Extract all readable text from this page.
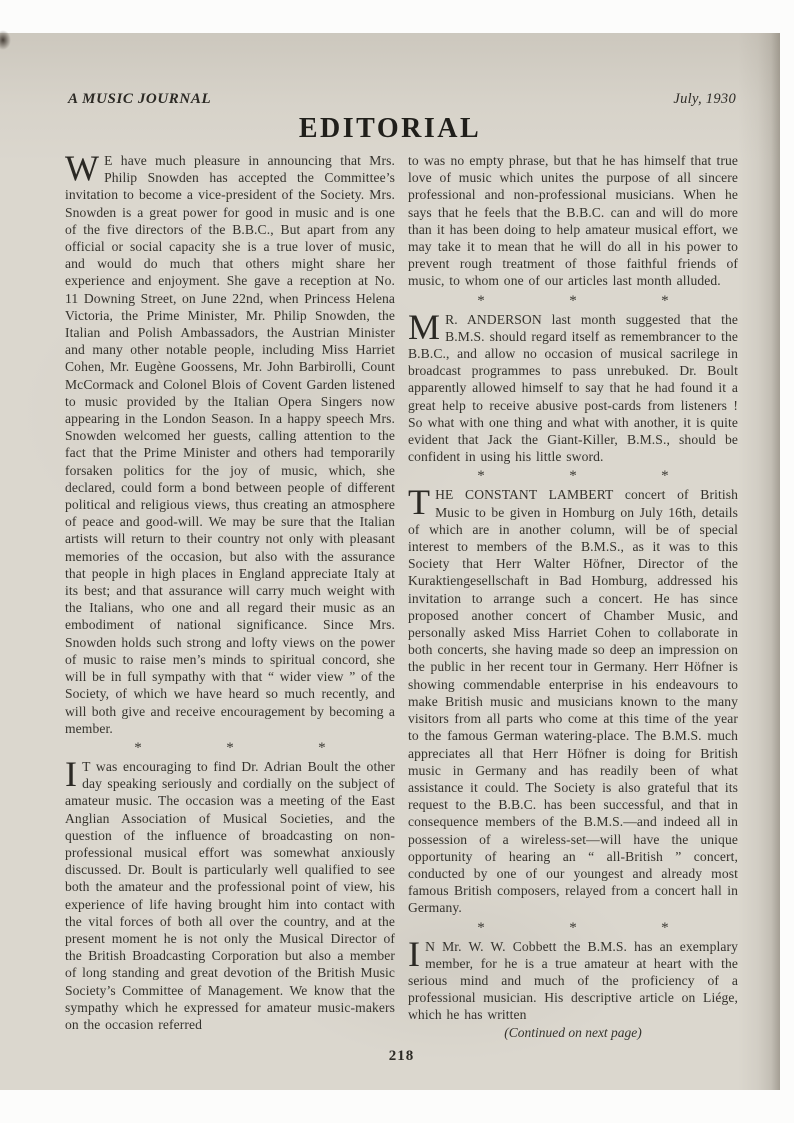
A MUSIC JOURNAL	July, 1930
EDITORIAL

W E have much pleasure in announcing that Mrs. Philip Snowden has accepted the Committee’s invitation to become a vice-president of the Society. Mrs. Snowden is a great power for good in music and is one of the five directors of the B.B.C., But apart from any official or social capacity she is a true lover of music, and would do much that others might share her experience and enjoyment. She gave a reception at No. 11 Downing Street, on June 22nd, when Princess Helena Victoria, the Prime Minister, Mr. Philip Snowden, the Italian and Polish Ambassadors, the Austrian Minister and many other notable people, including Miss Harriet Cohen, Mr. Eugène Goossens, Mr. John Barbirolli, Count McCormack and Colonel Blois of Covent Garden listened to music provided by the Italian Opera Singers now appearing in the London Season. In a happy speech Mrs. Snowden welcomed her guests, calling attention to the fact that the Prime Minister and others had temporarily forsaken politics for the joy of music, which, she declared, could form a bond between people of different political and religious views, thus creating an atmosphere of peace and good-will. We may be sure that the Italian artists will return to their country not only with pleasant memories of the occasion, but also with the assurance that people in high places in England appreciate Italy at its best; and that assurance will carry much weight with the Italians, who one and all regard their music as an embodiment of national significance. Since Mrs. Snowden holds such strong and lofty views on the power of music to raise men’s minds to spiritual concord, she will be in full sympathy with that “ wider view ” of the Society, of which we have heard so much recently, and will both give and receive encouragement by becoming a member.

*	*	*

I T was encouraging to find Dr. Adrian Boult the other day speaking seriously and cordially on the subject of amateur music. The occasion was a meeting of the East Anglian Association of Musical Societies, and the question of the influence of broadcasting on non-professional musical effort was somewhat anxiously discussed. Dr. Boult is particularly well qualified to see both the amateur and the professional point of view, his experience of life having brought him into contact with the vital forces of both all over the country, and at the present moment he is not only the Musical Director of the British Broadcasting Corporation but also a member of long standing and great devotion of the British Music Society’s Committee of Management. We know that the sympathy which he expressed for amateur music-makers on the occasion referred

to was no empty phrase, but that he has himself that true love of music which unites the purpose of all sincere professional and non-professional musicians. When he says that he feels that the B.B.C. can and will do more than it has been doing to help amateur musical effort, we may take it to mean that he will do all in his power to prevent rough treatment of those faithful friends of music, to whom one of our articles last month alluded.

*	*	*

M R. ANDERSON last month suggested that the B.M.S. should regard itself as remembrancer to the B.B.C., and allow no occasion of musical sacrilege in broadcast programmes to pass unrebuked. Dr. Boult apparently allowed himself to say that he had found it a great help to receive abusive post-cards from listeners ! So what with one thing and what with another, it is quite evident that Jack the Giant-Killer, B.M.S., should be confident in using his little sword.

*	*	*

THE CONSTANT LAMBERT concert of British Music to be given in Homburg on July 16th, details of which are in another column, will be of special interest to members of the B.M.S., as it was to this Society that Herr Walter Höfner, Director of the Kuraktiengesellschaft in Bad Homburg, addressed his invitation to arrange such a concert. He has since proposed another concert of Chamber Music, and personally asked Miss Harriet Cohen to collaborate in both concerts, she having made so deep an impression on the public in her recent tour in Germany. Herr Höfner is showing commendable enterprise in his endeavours to make British music and musicians known to the many visitors from all parts who come at this time of the year to the famous German watering-place. The B.M.S. much appreciates all that Herr Höfner is doing for British music in Germany and has readily been of what assistance it could. The Society is also grateful that its request to the B.B.C. has been successful, and that in consequence members of the B.M.S.—and indeed all in possession of a wireless-set—will have the unique opportunity of hearing an “ all-British ” concert, conducted by one of our youngest and already most famous British composers, relayed from a concert hall in Germany.

*	*	*

I N Mr. W. W. Cobbett the B.M.S. has an exemplary member, for he is a true amateur at heart with the serious mind and much of the proficiency of a professional musician. His descriptive article on Liége, which he has written

(Continued on next page)

218
